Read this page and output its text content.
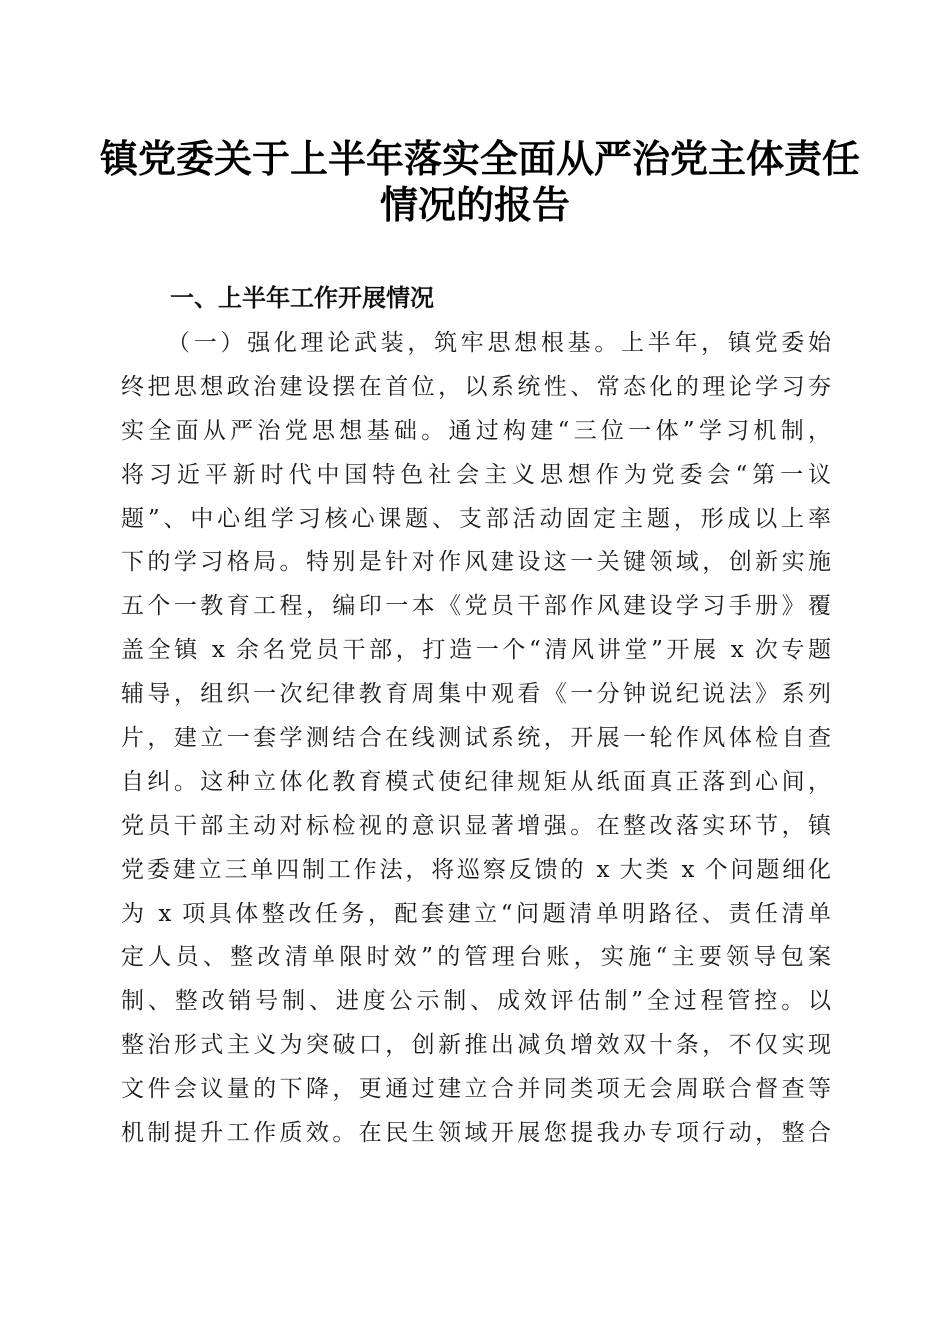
镇党委关于上半年落实全面从严治党主体责任
情况的报告
一、上半年工作开展情况
（一）强化理论武装，筑牢思想根基。上半年，镇党委始
终把思想政治建设摆在首位，以系统性、常态化的理论学习夯
实全面从严治党思想基础。通过构建“三位一体”学习机制，
将习近平新时代中国特色社会主义思想作为党委会“第一议
题”、中心组学习核心课题、支部活动固定主题，形成以上率
下的学习格局。特别是针对作风建设这一关键领域，创新实施
五个一教育工程，编印一本《党员干部作风建设学习手册》覆
盖全镇 x 余名党员干部，打造一个“清风讲堂”开展 x 次专题
辅导，组织一次纪律教育周集中观看《一分钟说纪说法》系列
片，建立一套学测结合在线测试系统，开展一轮作风体检自查
自纠。这种立体化教育模式使纪律规矩从纸面真正落到心间，
党员干部主动对标检视的意识显著增强。在整改落实环节，镇
党委建立三单四制工作法，将巡察反馈的 x 大类 x 个问题细化
为 x 项具体整改任务，配套建立“问题清单明路径、责任清单
定人员、整改清单限时效”的管理台账，实施“主要领导包案
制、整改销号制、进度公示制、成效评估制”全过程管控。以
整治形式主义为突破口，创新推出减负增效双十条，不仅实现
文件会议量的下降，更通过建立合并同类项无会周联合督查等
机制提升工作质效。在民生领域开展您提我办专项行动，整合
